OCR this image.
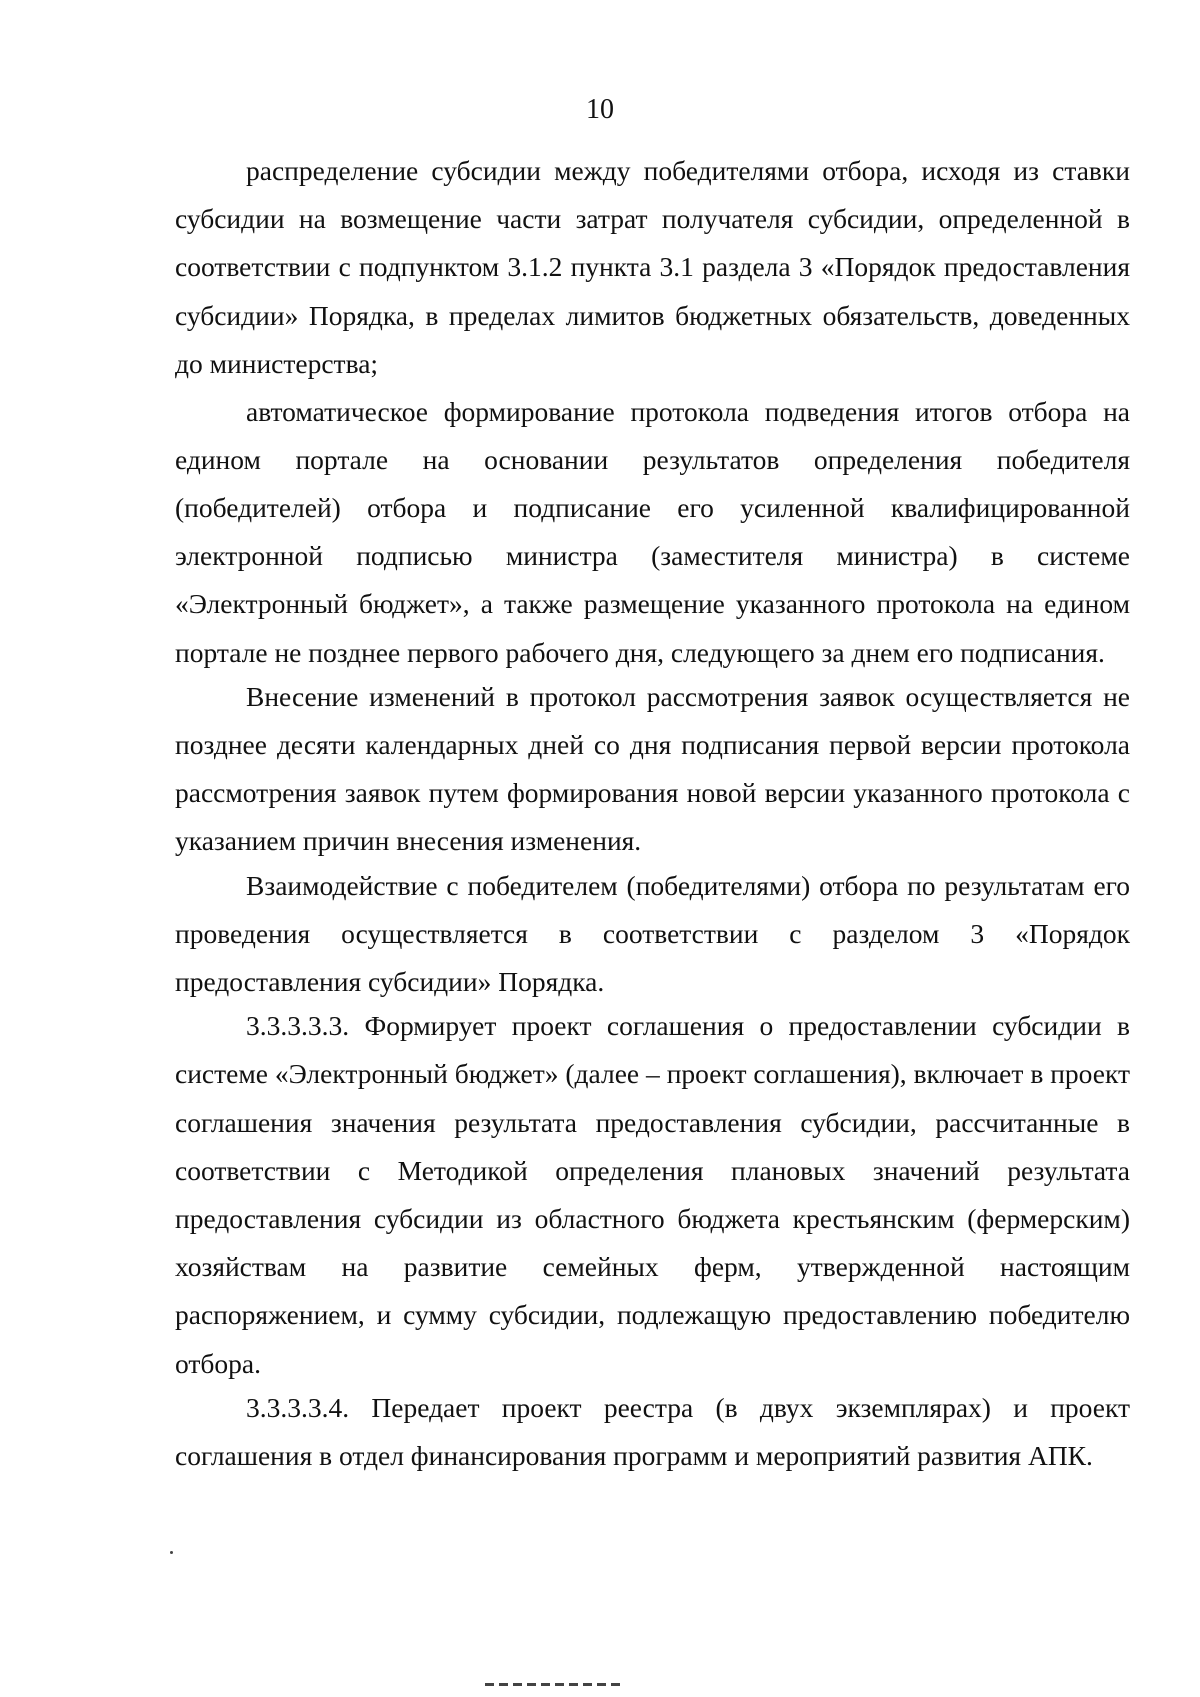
10

распределение субсидии между победителями отбора, исходя из ставки субсидии на возмещение части затрат получателя субсидии, определенной в соответствии с подпунктом 3.1.2 пункта 3.1 раздела 3 «Порядок предоставления субсидии» Порядка, в пределах лимитов бюджетных обязательств, доведенных до министерства;

автоматическое формирование протокола подведения итогов отбора на едином портале на основании результатов определения победителя (победителей) отбора и подписание его усиленной квалифицированной электронной подписью министра (заместителя министра) в системе «Электронный бюджет», а также размещение указанного протокола на едином портале не позднее первого рабочего дня, следующего за днем его подписания.

Внесение изменений в протокол рассмотрения заявок осуществляется не позднее десяти календарных дней со дня подписания первой версии протокола рассмотрения заявок путем формирования новой версии указанного протокола с указанием причин внесения изменения.

Взаимодействие с победителем (победителями) отбора по результатам его проведения осуществляется в соответствии с разделом 3 «Порядок предоставления субсидии» Порядка.

3.3.3.3.3. Формирует проект соглашения о предоставлении субсидии в системе «Электронный бюджет» (далее – проект соглашения), включает в проект соглашения значения результата предоставления субсидии, рассчитанные в соответствии с Методикой определения плановых значений результата предоставления субсидии из областного бюджета крестьянским (фермерским) хозяйствам на развитие семейных ферм, утвержденной настоящим распоряжением, и сумму субсидии, подлежащую предоставлению победителю отбора.

3.3.3.3.4. Передает проект реестра (в двух экземплярах) и проект соглашения в отдел финансирования программ и мероприятий развития АПК.
